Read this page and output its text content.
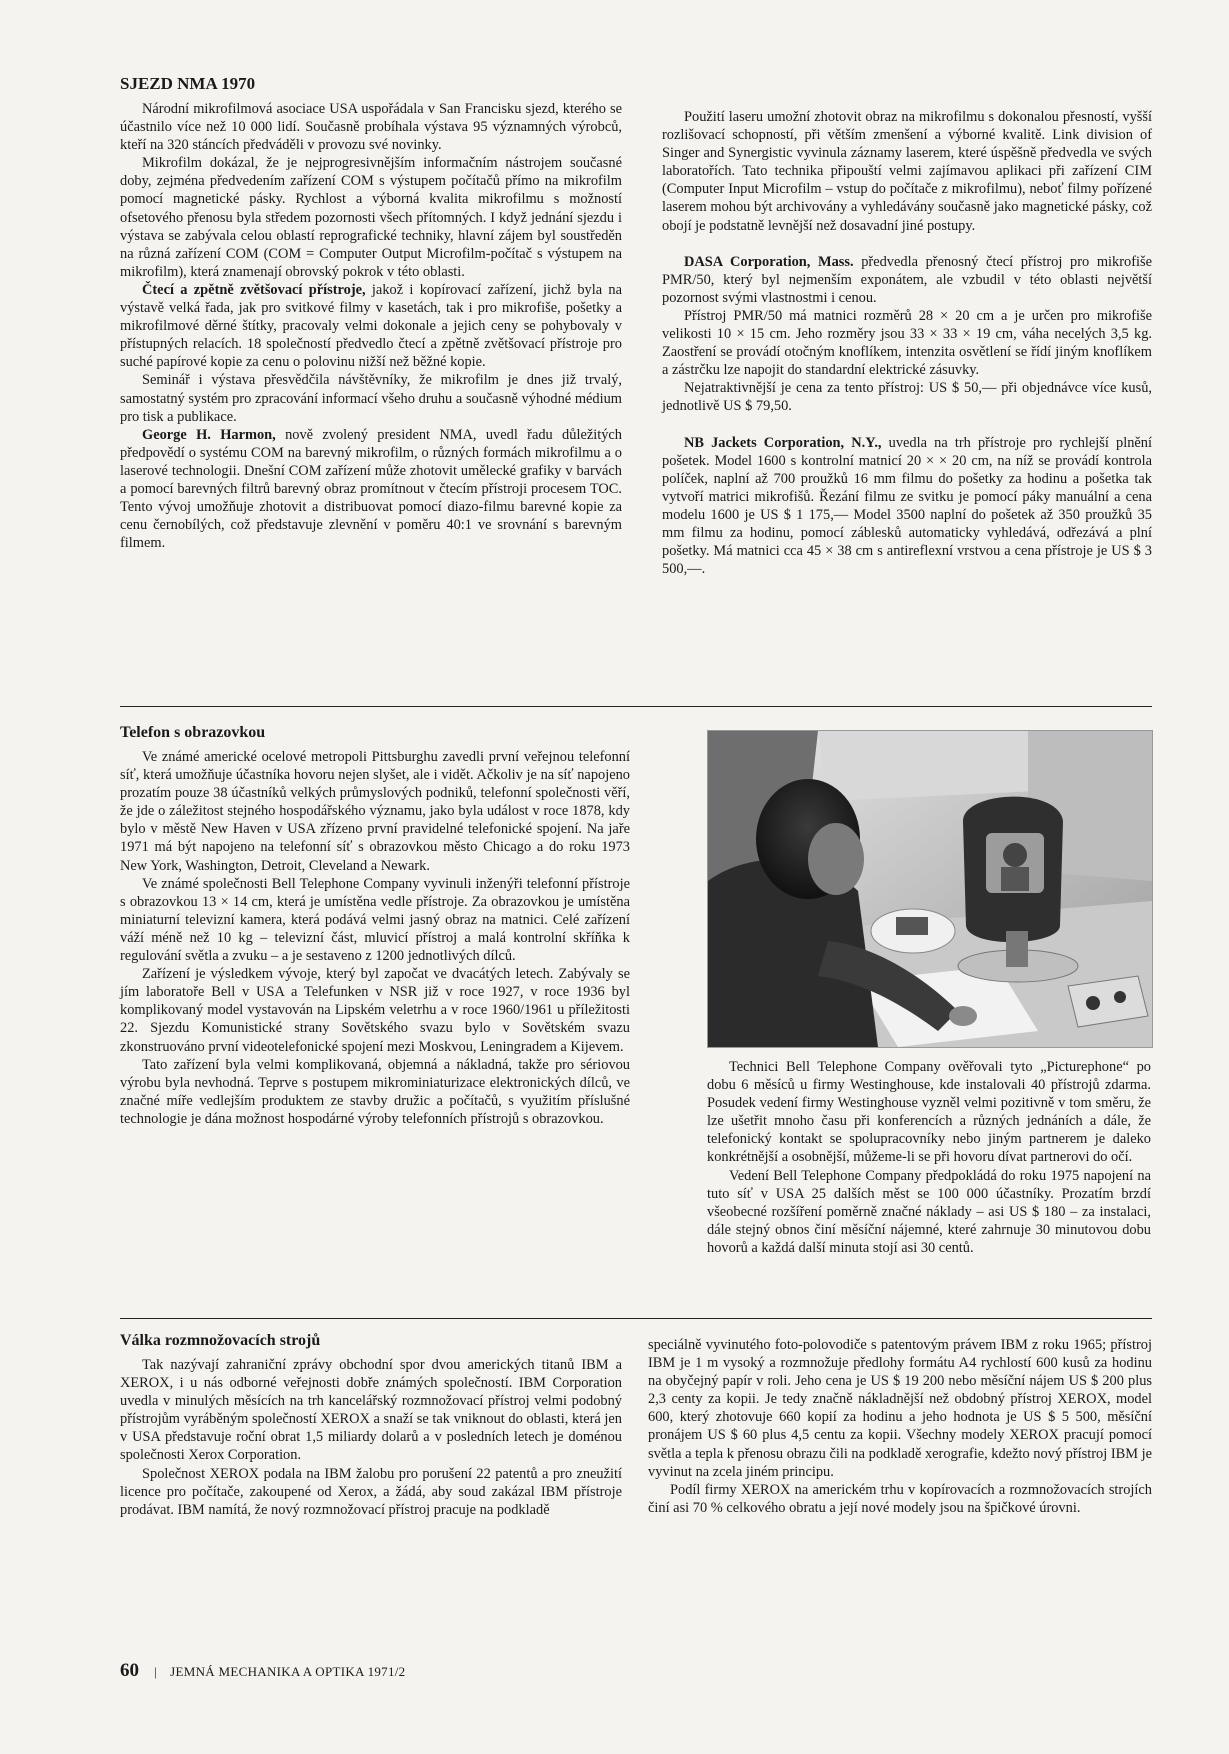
SJEZD NMA 1970

Národní mikrofilmová asociace USA uspořádala v San Francisku sjezd, kterého se účastnilo více než 10 000 lidí. Současně probíhala výstava 95 významných výrobců, kteří na 320 stáncích předváděli v provozu své novinky.

Mikrofilm dokázal, že je nejprogresivnějším informačním nástrojem současné doby, zejména předvedením zařízení COM s výstupem počítačů přímo na mikrofilm pomocí magnetické pásky. Rychlost a výborná kvalita mikrofilmu s možností ofsetového přenosu byla středem pozornosti všech přítomných. I když jednání sjezdu i výstava se zabývala celou oblastí reprografické techniky, hlavní zájem byl soustředěn na různá zařízení COM (COM = Computer Output Microfilm-počítač s výstupem na mikrofilm), která znamenají obrovský pokrok v této oblasti.

Čtecí a zpětně zvětšovací přístroje, jakož i kopírovací zařízení, jichž byla na výstavě velká řada, jak pro svitkové filmy v kasetách, tak i pro mikrofiše, pošetky a mikrofilmové děrné štítky, pracovaly velmi dokonale a jejich ceny se pohybovaly v přístupných relacích. 18 společností předvedlo čtecí a zpětně zvětšovací přístroje pro suché papírové kopie za cenu o polovinu nižší než běžné kopie.

Seminář i výstava přesvědčila návštěvníky, že mikrofilm je dnes již trvalý, samostatný systém pro zpracování informací všeho druhu a současně výhodné médium pro tisk a publikace.

George H. Harmon, nově zvolený president NMA, uvedl řadu důležitých předpovědí o systému COM na barevný mikrofilm, o různých formách mikrofilmu a o laserové technologii. Dnešní COM zařízení může zhotovit umělecké grafiky v barvách a pomocí barevných filtrů barevný obraz promítnout v čtecím přístroji procesem TOC. Tento vývoj umožňuje zhotovit a distribuovat pomocí diazo-filmu barevné kopie za cenu černobílých, což představuje zlevnění v poměru 40:1 ve srovnání s barevným filmem.

Použití laseru umožní zhotovit obraz na mikrofilmu s dokonalou přesností, vyšší rozlišovací schopností, při větším zmenšení a výborné kvalitě. Link division of Singer and Synergistic vyvinula záznamy laserem, které úspěšně předvedla ve svých laboratořích. Tato technika připouští velmi zajímavou aplikaci při zařízení CIM (Computer Input Microfilm – vstup do počítače z mikrofilmu), neboť filmy pořízené laserem mohou být archivovány a vyhledávány současně jako magnetické pásky, což obojí je podstatně levnější než dosavadní jiné postupy.

DASA Corporation, Mass. předvedla přenosný čtecí přístroj pro mikrofiše PMR/50, který byl nejmenším exponátem, ale vzbudil v této oblasti největší pozornost svými vlastnostmi i cenou.

Přístroj PMR/50 má matnici rozměrů 28 × 20 cm a je určen pro mikrofiše velikosti 10 × 15 cm. Jeho rozměry jsou 33 × 33 × 19 cm, váha necelých 3,5 kg. Zaostření se provádí otočným knoflíkem, intenzita osvětlení se řídí jiným knoflíkem a zástrčku lze napojit do standardní elektrické zásuvky.

Nejatraktivnější je cena za tento přístroj: US $ 50,— při objednávce více kusů, jednotlivě US $ 79,50.

NB Jackets Corporation, N.Y., uvedla na trh přístroje pro rychlejší plnění pošetek. Model 1600 s kontrolní matnicí 20 × × 20 cm, na níž se provádí kontrola políček, naplní až 700 proužků 16 mm filmu do pošetky za hodinu a pošetka tak vytvoří matrici mikrofišů. Řezání filmu ze svitku je pomocí páky manuální a cena modelu 1600 je US $ 1 175,— Model 3500 naplní do pošetek až 350 proužků 35 mm filmu za hodinu, pomocí záblesků automaticky vyhledává, odřezává a plní pošetky. Má matnici cca 45 × 38 cm s antireflexní vrstvou a cena přístroje je US $ 3 500,—.

Telefon s obrazovkou

Ve známé americké ocelové metropoli Pittsburghu zavedli první veřejnou telefonní síť, která umožňuje účastníka hovoru nejen slyšet, ale i vidět. Ačkoliv je na síť napojeno prozatím pouze 38 účastníků velkých průmyslových podniků, telefonní společnosti věří, že jde o záležitost stejného hospodářského významu, jako byla událost v roce 1878, kdy bylo v městě New Haven v USA zřízeno první pravidelné telefonické spojení. Na jaře 1971 má být napojeno na telefonní síť s obrazovkou město Chicago a do roku 1973 New York, Washington, Detroit, Cleveland a Newark.

Ve známé společnosti Bell Telephone Company vyvinuli inženýři telefonní přístroje s obrazovkou 13 × 14 cm, která je umístěna vedle přístroje. Za obrazovkou je umístěna miniaturní televizní kamera, která podává velmi jasný obraz na matnici. Celé zařízení váží méně než 10 kg – televizní část, mluvicí přístroj a malá kontrolní skříňka k regulování světla a zvuku – a je sestaveno z 1200 jednotlivých dílců.

Zařízení je výsledkem vývoje, který byl započat ve dvacátých letech. Zabývaly se jím laboratoře Bell v USA a Telefunken v NSR již v roce 1927, v roce 1936 byl komplikovaný model vystavován na Lipském veletrhu a v roce 1960/1961 u příležitosti 22. Sjezdu Komunistické strany Sovětského svazu bylo v Sovětském svazu zkonstruováno první videotelefonické spojení mezi Moskvou, Leningradem a Kijevem.

Tato zařízení byla velmi komplikovaná, objemná a nákladná, takže pro sériovou výrobu byla nevhodná. Teprve s postupem mikrominiaturizace elektronických dílců, ve značné míře vedlejším produktem ze stavby družic a počítačů, s využitím příslušné technologie je dána možnost hospodárné výroby telefonních přístrojů s obrazovkou.

Technici Bell Telephone Company ověřovali tyto „Picturephone“ po dobu 6 měsíců u firmy Westinghouse, kde instalovali 40 přístrojů zdarma. Posudek vedení firmy Westinghouse vyzněl velmi pozitivně v tom směru, že lze ušetřit mnoho času při konferencích a různých jednáních a dále, že telefonický kontakt se spolupracovníky nebo jiným partnerem je daleko konkrétnější a osobnější, můžeme-li se při hovoru dívat partnerovi do očí.

Vedení Bell Telephone Company předpokládá do roku 1975 napojení na tuto síť v USA 25 dalších měst se 100 000 účastníky. Prozatím brzdí všeobecné rozšíření poměrně značné náklady – asi US $ 180 – za instalaci, dále stejný obnos činí měsíční nájemné, které zahrnuje 30 minutovou dobu hovorů a každá další minuta stojí asi 30 centů.

Válka rozmnožovacích strojů

Tak nazývají zahraniční zprávy obchodní spor dvou amerických titanů IBM a XEROX, i u nás odborné veřejnosti dobře známých společností. IBM Corporation uvedla v minulých měsících na trh kancelářský rozmnožovací přístroj velmi podobný přístrojům vyráběným společností XEROX a snaží se tak vniknout do oblasti, která jen v USA představuje roční obrat 1,5 miliardy dolarů a v posledních letech je doménou společnosti Xerox Corporation.

Společnost XEROX podala na IBM žalobu pro porušení 22 patentů a pro zneužití licence pro počítače, zakoupené od Xerox, a žádá, aby soud zakázal IBM přístroje prodávat. IBM namítá, že nový rozmnožovací přístroj pracuje na podkladě

speciálně vyvinutého foto-polovodiče s patentovým právem IBM z roku 1965; přístroj IBM je 1 m vysoký a rozmnožuje předlohy formátu A4 rychlostí 600 kusů za hodinu na obyčejný papír v roli. Jeho cena je US $ 19 200 nebo měsíční nájem US $ 200 plus 2,3 centy za kopii. Je tedy značně nákladnější než obdobný přístroj XEROX, model 600, který zhotovuje 660 kopií za hodinu a jeho hodnota je US $ 5 500, měsíční pronájem US $ 60 plus 4,5 centu za kopii. Všechny modely XEROX pracují pomocí světla a tepla k přenosu obrazu čili na podkladě xerografie, kdežto nový přístroj IBM je vyvinut na zcela jiném principu.

Podíl firmy XEROX na americkém trhu v kopírovacích a rozmnožovacích strojích činí asi 70 % celkového obratu a její nové modely jsou na špičkové úrovni.

60 | JEMNÁ MECHANIKA A OPTIKA 1971/2
